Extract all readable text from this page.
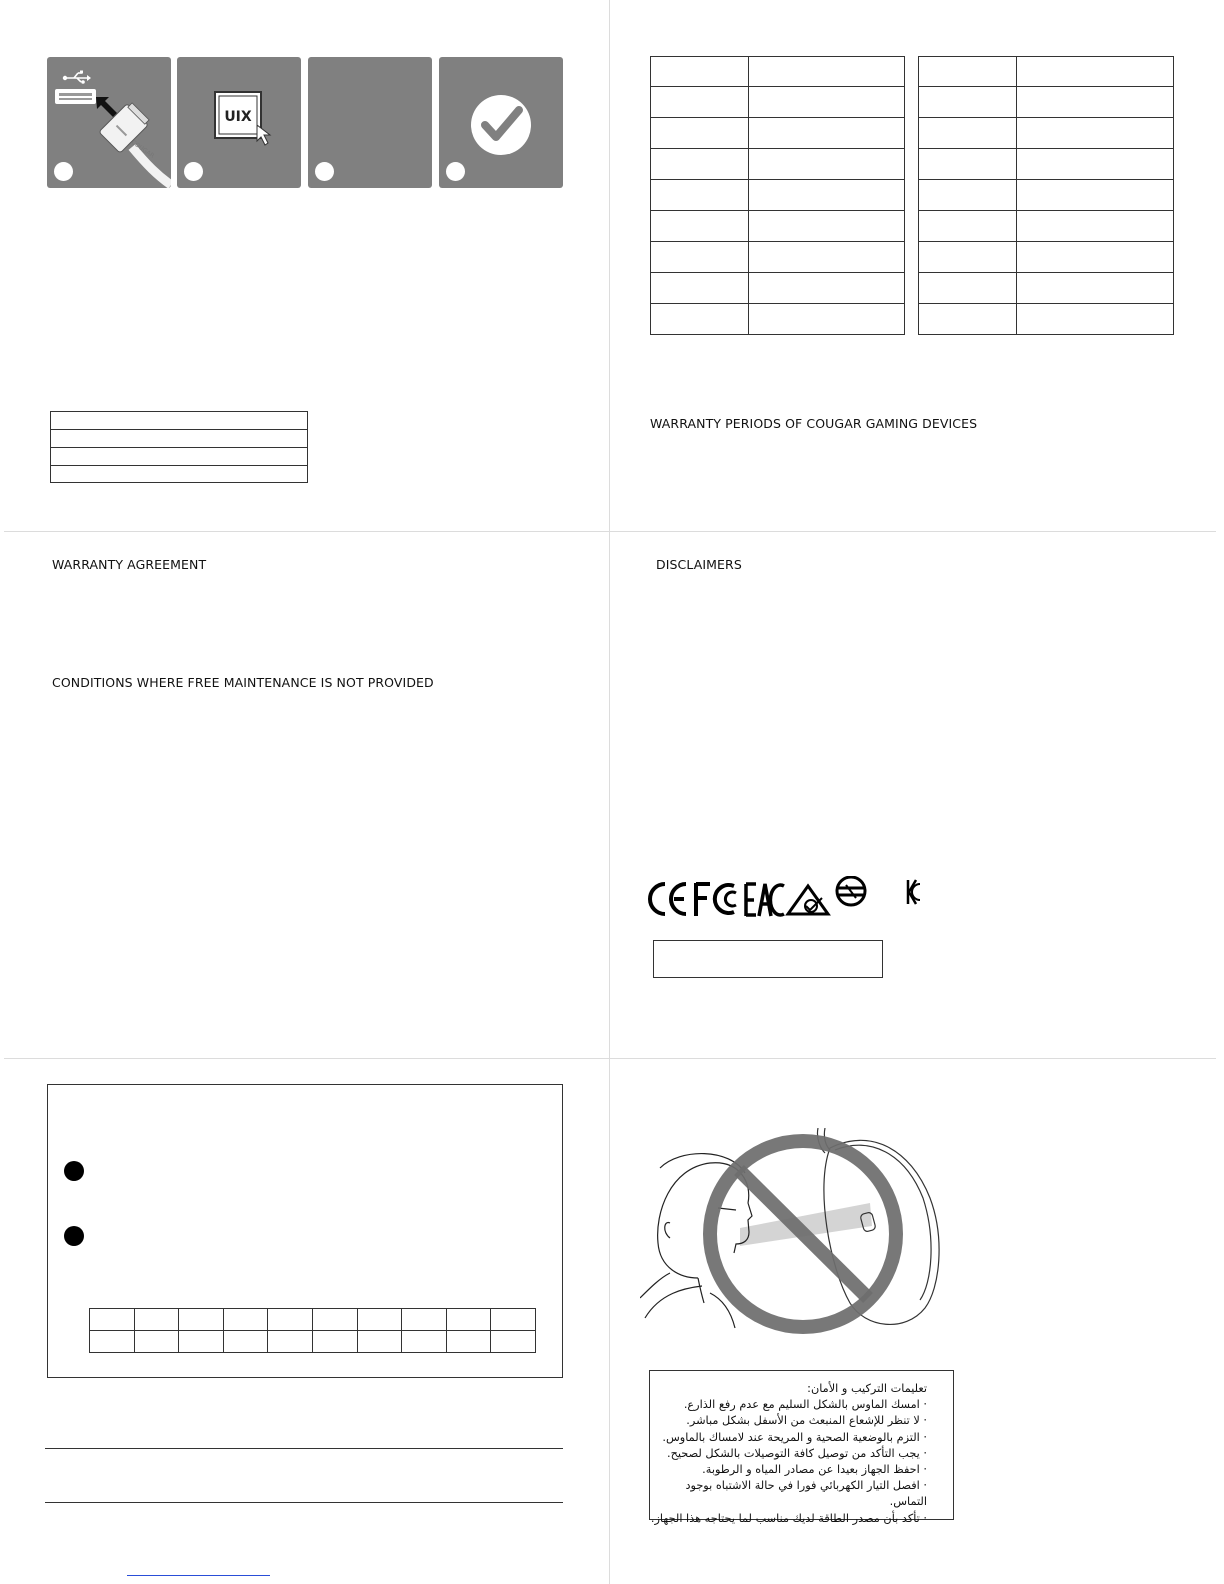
COUGAR
UIX

WARRANTY PERIODS OF COUGAR GAMING DEVICES
WARRANTY AGREEMENT
CONDITIONS WHERE FREE MAINTENANCE IS NOT PROVIDED
DISCLAIMERS

تعليمات التركيب و الأمان:
· امسك الماوس بالشكل السليم مع عدم رفع الذارع.
· لا تنظر للإشعاع المنبعث من الأسفل بشكل مباشر.
· التزم بالوضعية الصحية و المريحة عند لامساك بالماوس.
· يجب التأكد من توصيل كافة التوصيلات بالشكل لصحيح.
· احفظ الجهاز بعيدا عن مصادر المياه و الرطوبة.
· افصل التيار الكهربائي فورا في حالة الاشتباه بوجود التماس.
· تأكد بأن مصدر الطاقة لديك مناسب لما يحتاجه هذا الجهاز.
